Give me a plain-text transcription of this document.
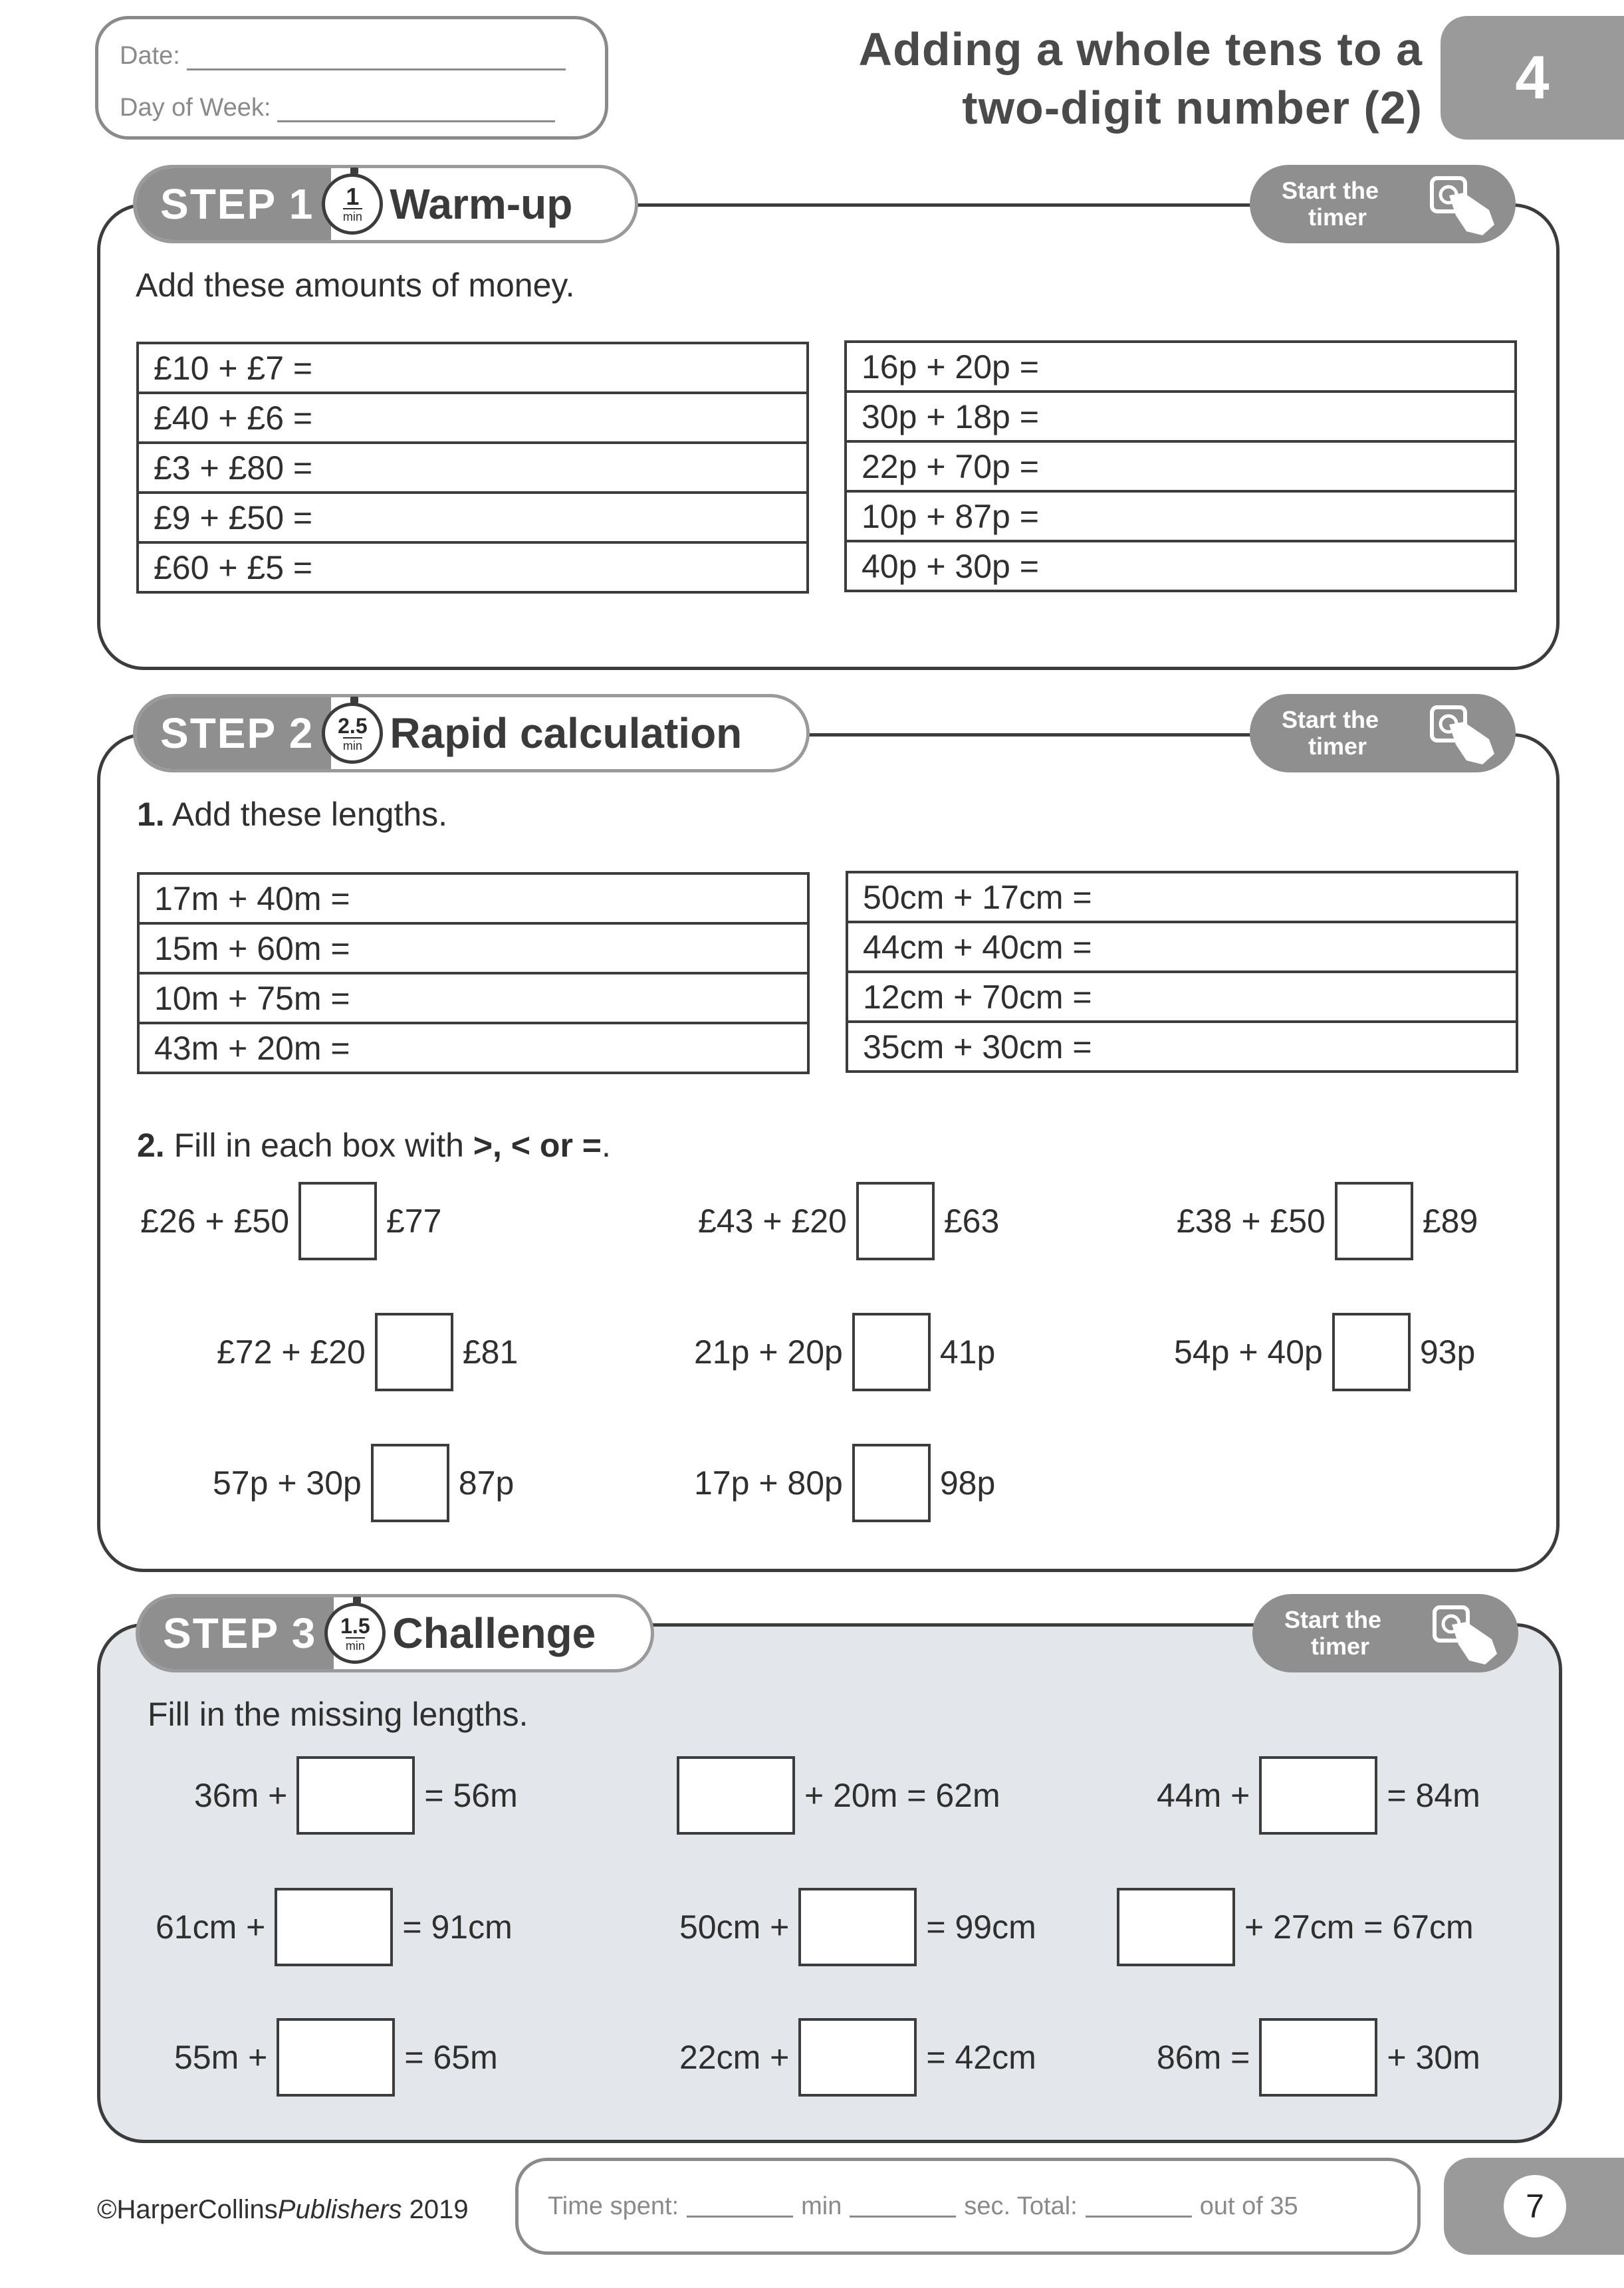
Date:
Day of Week:
Adding a whole tens to a
two-digit number (2) 4
STEP 1	1
min Warm-up	Start the
timer
Add these amounts of money.
£10 + £7 =
£40 + £6 =
£3 + £80 =
£9 + £50 =
£60 + £5 =
16p + 20p =
30p + 18p =
22p + 70p =
10p + 87p =
40p + 30p =
STEP 2	2.5
min Rapid calculation	Start the
timer
1. Add these lengths.
17m + 40m =
15m + 60m =
10m + 75m =
43m + 20m =
50cm + 17cm =
44cm + 40cm =
12cm + 70cm =
35cm + 30cm =
2. Fill in each box with >, < or =.
£26 + £50	£77	£43 + £20	£63	£38 + £50	£89
£72 + £20	£81	21p + 20p	41p	54p + 40p	93p
57p + 30p	87p	17p + 80p	98p
STEP 3	1.5
min Challenge	Start the
timer
Fill in the missing lengths.
36m +	= 56m	+ 20m = 62m	44m +	= 84m
61cm +	= 91cm	50cm +	= 99cm	+ 27cm = 67cm
55m +	= 65m	22cm +	= 42cm	86m =	+ 30m
©HarperCollinsPublishers 2019	Time spent:	min	sec. Total:	out of 35	7
